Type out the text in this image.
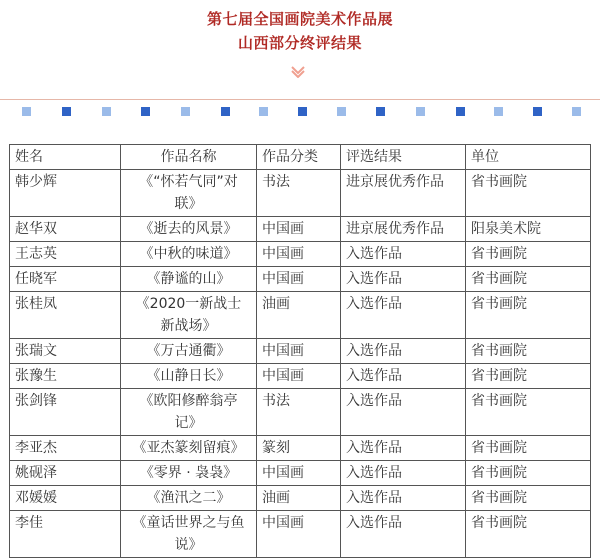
第七届全国画院美术作品展
山西部分终评结果
姓名	作品名称	作品分类	评选结果	单位
韩少辉	《“怀若气同”对联》	书法	进京展优秀作品	省书画院
赵华双	《逝去的风景》	中国画	进京展优秀作品	阳泉美术院
王志英	《中秋的味道》	中国画	入选作品	省书画院
任晓军	《静谧的山》	中国画	入选作品	省书画院
张桂凤	《2020一新战士新战场》	油画	入选作品	省书画院
张瑞文	《万古通衢》	中国画	入选作品	省书画院
张豫生	《山静日长》	中国画	入选作品	省书画院
张剑锋	《欧阳修醉翁亭记》	书法	入选作品	省书画院
李亚杰	《亚杰篆刻留痕》	篆刻	入选作品	省书画院
姚砚泽	《零界 · 袅袅》	中国画	入选作品	省书画院
邓媛媛	《渔汛之二》	油画	入选作品	省书画院
李佳	《童话世界之与鱼说》	中国画	入选作品	省书画院
